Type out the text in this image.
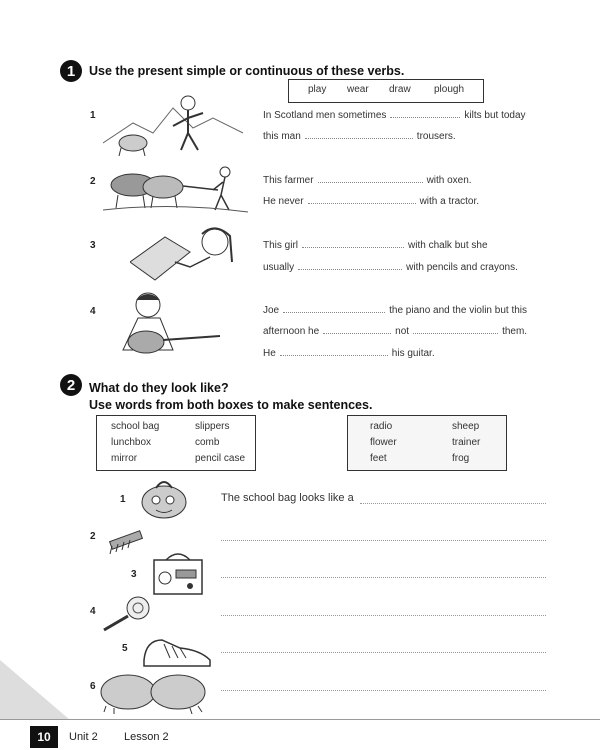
1	Use the present simple or continuous of these verbs.
play wear draw plough
1	In Scotland men sometimes	kilts but today
this man	trousers.
2	This farmer	with oxen.
He never	with a tractor.
3	This girl	with chalk but she
usually	with pencils and crayons.
4	Joe	the piano and the violin but this
afternoon he	not	them.
He	his guitar.
2	What do they look like?
Use words from both boxes to make sentences.
school bag	slippers
lunchbox	comb
mirror	pencil case
radio	sheep
flower	trainer
feet	frog
1
2
3
4
5
6
The school bag looks like a
10	Unit 2 Lesson 2
